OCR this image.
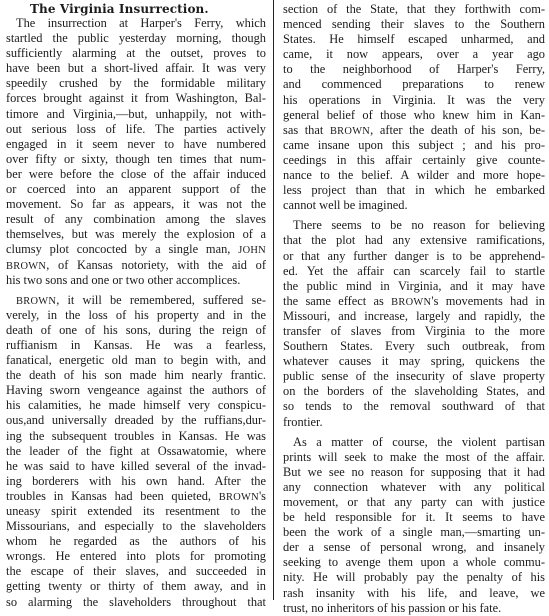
The Virginia Insurrection.
The insurrection at Harper's Ferry, which
startled the public yesterday morning, though
sufficiently alarming at the outset, proves to
have been but a short-lived affair. It was very
speedily crushed by the formidable military
forces brought against it from Washington, Bal-
timore and Virginia,—but, unhappily, not with-
out serious loss of life. The parties actively
engaged in it seem never to have numbered
over fifty or sixty, though ten times that num-
ber were before the close of the affair induced
or coerced into an apparent support of the
movement. So far as appears, it was not the
result of any combination among the slaves
themselves, but was merely the explosion of a
clumsy plot concocted by a single man, JOHN
BROWN, of Kansas notoriety, with the aid of
his two sons and one or two other accomplices.
BROWN, it will be remembered, suffered se-
verely, in the loss of his property and in the
death of one of his sons, during the reign of
ruffianism in Kansas. He was a fearless,
fanatical, energetic old man to begin with, and
the death of his son made him nearly frantic.
Having sworn vengeance against the authors of
his calamities, he made himself very conspicu-
ous,and universally dreaded by the ruffians,dur-
ing the subsequent troubles in Kansas. He was
the leader of the fight at Ossawatomie, where
he was said to have killed several of the invad-
ing borderers with his own hand. After the
troubles in Kansas had been quieted, BROWN's
uneasy spirit extended its resentment to the
Missourians, and especially to the slaveholders
whom he regarded as the authors of his
wrongs. He entered into plots for promoting
the escape of their slaves, and succeeded in
getting twenty or thirty of them away, and in
so alarming the slaveholders throughout that
section of the State, that they forthwith com-
menced sending their slaves to the Southern
States. He himself escaped unharmed, and
came, it now appears, over a year ago
to the neighborhood of Harper's Ferry,
and commenced preparations to renew
his operations in Virginia. It was the very
general belief of those who knew him in Kan-
sas that BROWN, after the death of his son, be-
came insane upon this subject ; and his pro-
ceedings in this affair certainly give counte-
nance to the belief. A wilder and more hope-
less project than that in which he embarked
cannot well be imagined.
There seems to be no reason for believing
that the plot had any extensive ramifications,
or that any further danger is to be apprehend-
ed. Yet the affair can scarcely fail to startle
the public mind in Virginia, and it may have
the same effect as BROWN's movements had in
Missouri, and increase, largely and rapidly, the
transfer of slaves from Virginia to the more
Southern States. Every such outbreak, from
whatever causes it may spring, quickens the
public sense of the insecurity of slave property
on the borders of the slaveholding States, and
so tends to the removal southward of that
frontier.
As a matter of course, the violent partisan
prints will seek to make the most of the affair.
But we see no reason for supposing that it had
any connection whatever with any political
movement, or that any party can with justice
be held responsible for it. It seems to have
been the work of a single man,—smarting un-
der a sense of personal wrong, and insanely
seeking to avenge them upon a whole commu-
nity. He will probably pay the penalty of his
rash insanity with his life, and leave, we
trust, no inheritors of his passion or his fate.
